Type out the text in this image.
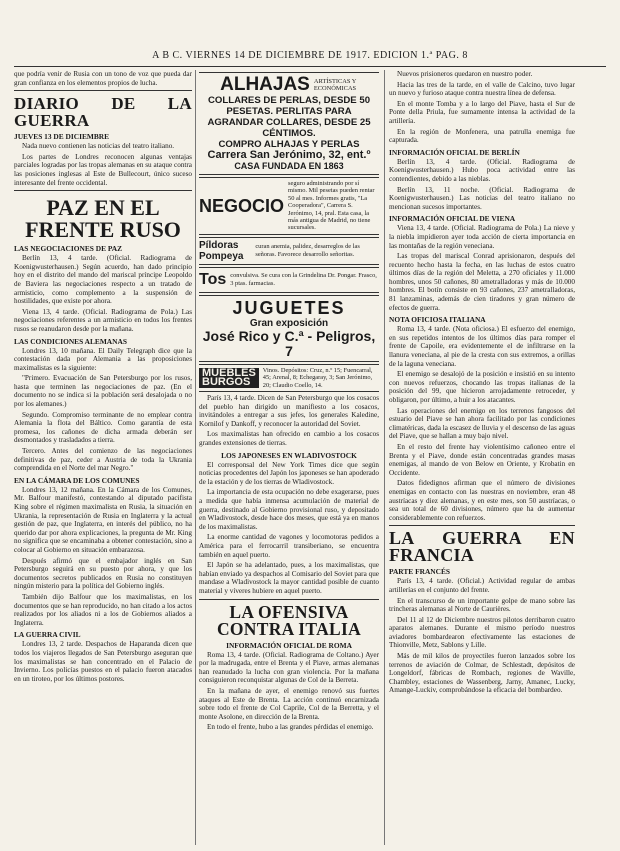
A B C. VIERNES 14 DE DICIEMBRE DE 1917. EDICION 1.ª PAG. 8

que podría venir de Rusia con un tono de voz que pueda dar gran confianza en los elementos propios de lucha.

DIARIO DE LA GUERRA
JUEVES 13 DE DICIEMBRE

Nada nuevo contienen las noticias del teatro italiano.

Los partes de Londres reconocen algunas ventajas parciales logradas por las tropas alemanas en su ataque contra las posiciones inglesas al Este de Bullecourt, único suceso interesante del frente occidental.

PAZ EN EL FRENTE RUSO
LAS NEGOCIACIONES DE PAZ

Berlín 13, 4 tarde. (Oficial. Radiograma de Koenigwusterhausen.) Según acuerdo, han dado principio hoy en el distrito del mando del mariscal príncipe Leopoldo de Baviera las negociaciones respecto a un tratado de armisticio, como complemento a la suspensión de hostilidades, que existe por ahora.

Viena 13, 4 tarde. (Oficial. Radiograma de Pola.) Las negociaciones referentes a un armisticio en todos los frentes rusos se reanudaron desde por la mañana.

LAS CONDICIONES ALEMANAS

Londres 13, 10 mañana. El Daily Telegraph dice que la contestación dada por Alemania a las proposiciones maximalistas es la siguiente:

"Primero. Evacuación de San Petersburgo por los rusos, hasta que terminen las negociaciones de paz. (En el documento no se indica si la población será desalojada o no por los alemanes.)

Segundo. Compromiso terminante de no emplear contra Alemania la flota del Báltico. Como garantía de esta promesa, los cañones de dicha armada deberán ser desmontados y trasladados a tierra.

Tercero. Antes del comienzo de las negociaciones definitivas de paz, ceder a Austria de toda la Ukrania comprendida en el Norte del mar Negro."

EN LA CÁMARA DE LOS COMUNES

Londres 13, 12 mañana. En la Cámara de los Comunes, Mr. Balfour manifestó, contestando al diputado pacifista King sobre el régimen maximalista en Rusia, la situación en Ukrania, la representación de Rusia en Inglaterra y la actual gestión de paz, que Inglaterra, en interés del público, no ha querido dar por ahora explicaciones, la pregunta de Mr. King no significa que se encaminaba a obtener contestación, sino a colocar al Gobierno en situación embarazosa.

Después afirmó que el embajador inglés en San Petersburgo seguirá en su puesto por ahora, y que los documentos secretos publicados en Rusia no constituyen ningún misterio para la política del Gobierno inglés.

También dijo Balfour que los maximalistas, en los documentos que se han reproducido, no han citado a los actos realizados por los aliados ni a los de Gobiernos aliados a Inglaterra.

LA GUERRA CIVIL

Londres 13, 2 tarde. Despachos de Haparanda dicen que todos los viajeros llegados de San Petersburgo aseguran que los maximalistas se han concentrado en el Palacio de Invierno. Los policías puestos en el palacio fueron atacados en un tiroteo, por los últimos postores.

ALHAJAS ARTÍSTICAS Y ECONÓMICAS
COLLARES DE PERLAS, DESDE 50 PESETAS. PERLITAS PARA AGRANDAR COLLARES, DESDE 25 CÉNTIMOS.
COMPRO ALHAJAS Y PERLAS
Carrera San Jerónimo, 32, ent.º
CASA FUNDADA EN 1863
NEGOCIO
seguro administrando por sí mismo. Mil pesetas pueden rentar 50 al mes. Informes gratis, "La Cooperadora", Carrera S. Jerónimo, 14, pral. Esta casa, la más antigua de Madrid, no tiene sucursales.
Píldoras Pompeya
curan anemia, palidez, desarreglos de las señoras. Favorece desarrollo señoritas.
Tos convulsiva. Se cura con la Grindelina Dr. Pongar. Frasco, 3 ptas. farmacias.
JUGUETES
Gran exposición
José Rico y C.ª - Peligros, 7
MUEBLES BURGOS
Vinos. Depósitos: Cruz, n.º 15; Fuencarral, 45; Arenal, 8; Echegaray, 3; San Jerónimo, 20; Claudio Coello, 14.

París 13, 4 tarde. Dicen de San Petersburgo que los cosacos del pueblo han dirigido un manifiesto a los cosacos, invitándoles a entregar a sus jefes, los generales Kaledine, Kornilof y Dankoff, y reconocer la autoridad del Soviet.

Los maximalistas han ofrecido en cambio a los cosacos grandes extensiones de tierras.

LOS JAPONESES EN WLADIVOSTOCK

El corresponsal del New York Times dice que según noticias procedentes del Japón los japoneses se han apoderado de la estación y de los tierras de Wladivostock.

La importancia de esta ocupación no debe exagerarse, pues a medida que había inmensa acumulación de material de guerra, destinado al Gobierno provisional ruso, y depositado en Wladivostock, desde hace dos meses, que está ya en manos de los maximalistas.

La enorme cantidad de vagones y locomotoras pedidos a América para el ferrocarril transiberiano, se encuentra también en aquel puerto.

El Japón se ha adelantado, pues, a los maximalistas, que habían enviado ya despachos al Comisario del Soviet para que mandase a Wladivostock la mayor cantidad posible de cuanto material y víveres hubiere en aquel puerto.

LA OFENSIVA CONTRA ITALIA
INFORMACIÓN OFICIAL DE ROMA

Roma 13, 4 tarde. (Oficial. Radiograma de Coltano.) Ayer por la madrugada, entre el Brenta y el Piave, armas alemanas han reanudado la lucha con gran violencia. Por la mañana consiguieron reconquistar algunas de Col de la Berreta.

En la mañana de ayer, el enemigo renovó sus fuertes ataques al Este de Brenta. La acción continuó encarnizada sobre todo el frente de Col Caprile, Col de la Berretta, y el monte Asolone, en dirección de la Brenta.

En todo el frente, hubo a las grandes pérdidas el enemigo.

Nuevos prisioneros quedaron en nuestro poder.

Hacia las tres de la tarde, en el valle de Calcino, tuvo lugar un nuevo y furioso ataque contra nuestra línea de defensa.

En el monte Tomba y a lo largo del Piave, hasta el Sur de Ponte della Priula, fue sumamente intensa la actividad de la artillería.

En la región de Monfenera, una patrulla enemiga fue capturada.

INFORMACIÓN OFICIAL DE BERLÍN

Berlín 13, 4 tarde. (Oficial. Radiograma de Koenigwusterhausen.) Hubo poca actividad entre las contendientes, debido a las nieblas.

Berlín 13, 11 noche. (Oficial. Radiograma de Koenigwusterhausen.) Las noticias del teatro italiano no mencionan sucesos importantes.

INFORMACIÓN OFICIAL DE VIENA

Viena 13, 4 tarde. (Oficial. Radiograma de Pola.) La nieve y la niebla impidieron ayer toda acción de cierta importancia en las montañas de la región veneciana.

Las tropas del mariscal Conrad aprisionaron, después del recuento hecho hasta la fecha, en las luchas de estos cuatro últimos días de la región del Meletta, a 270 oficiales y 11.000 hombres, unos 50 cañones, 80 ametralladoras y más de 10.000 hombres. El botín consiste en 93 cañones, 237 ametralladoras, 81 lanzaminas, además de cien tiradores y gran número de efectos de guerra.

NOTA OFICIOSA ITALIANA

Roma 13, 4 tarde. (Nota oficiosa.) El esfuerzo del enemigo, en sus repetidos intentos de los últimos días para romper el frente de Capoile, era evidentemente el de infiltrarse en la llanura veneciana, al pie de la cresta con sus extremos, a orillas de la laguna veneciana.

El enemigo se desalojó de la posición e insistió en su intento con nuevos refuerzos, chocando las tropas italianas de la posición del 99, que hicieron arrojadamente retroceder, y obligaron, por último, a huir a los atacantes.

Las operaciones del enemigo en los terrenos fangosos del estuario del Piave se han ahora facilitado por las condiciones climatéricas, dada la escasez de lluvia y el descenso de las aguas del Piave, que se hallan a muy bajo nivel.

En el resto del frente hay violentísimo cañoneo entre el Brenta y el Piave, donde están concentradas grandes masas enemigas, al mando de von Below en Oriente, y Krobatin en Occidente.

Datos fidedignos afirman que el número de divisiones enemigas en contacto con las nuestras en noviembre, eran 48 austríacas y diez alemanas, y en este mes, son 50 austríacas, o sea un total de 60 divisiones, número que ha de aumentar considerablemente con refuerzos.

LA GUERRA EN FRANCIA
PARTE FRANCÉS

París 13, 4 tarde. (Oficial.) Actividad regular de ambas artillerías en el conjunto del frente.

En el transcurso de un importante golpe de mano sobre las trincheras alemanas al Norte de Caurières.

Del 11 al 12 de Diciembre nuestros pilotos derribaron cuatro aparatos alemanes. Durante el mismo período nuestros aviadores bombardearon efectivamente las estaciones de Thionville, Metz, Sablons y Lille.

Más de mil kilos de proyectiles fueron lanzados sobre los terrenos de aviación de Colmar, de Schlestadt, depósitos de Longeldorf, fábricas de Rombach, regiones de Waville, Chambley, estaciones de Wassenberg, Jarny, Amanec, Lucky, Amange-Luckiv, comprobándose la eficacia del bombardeo.
